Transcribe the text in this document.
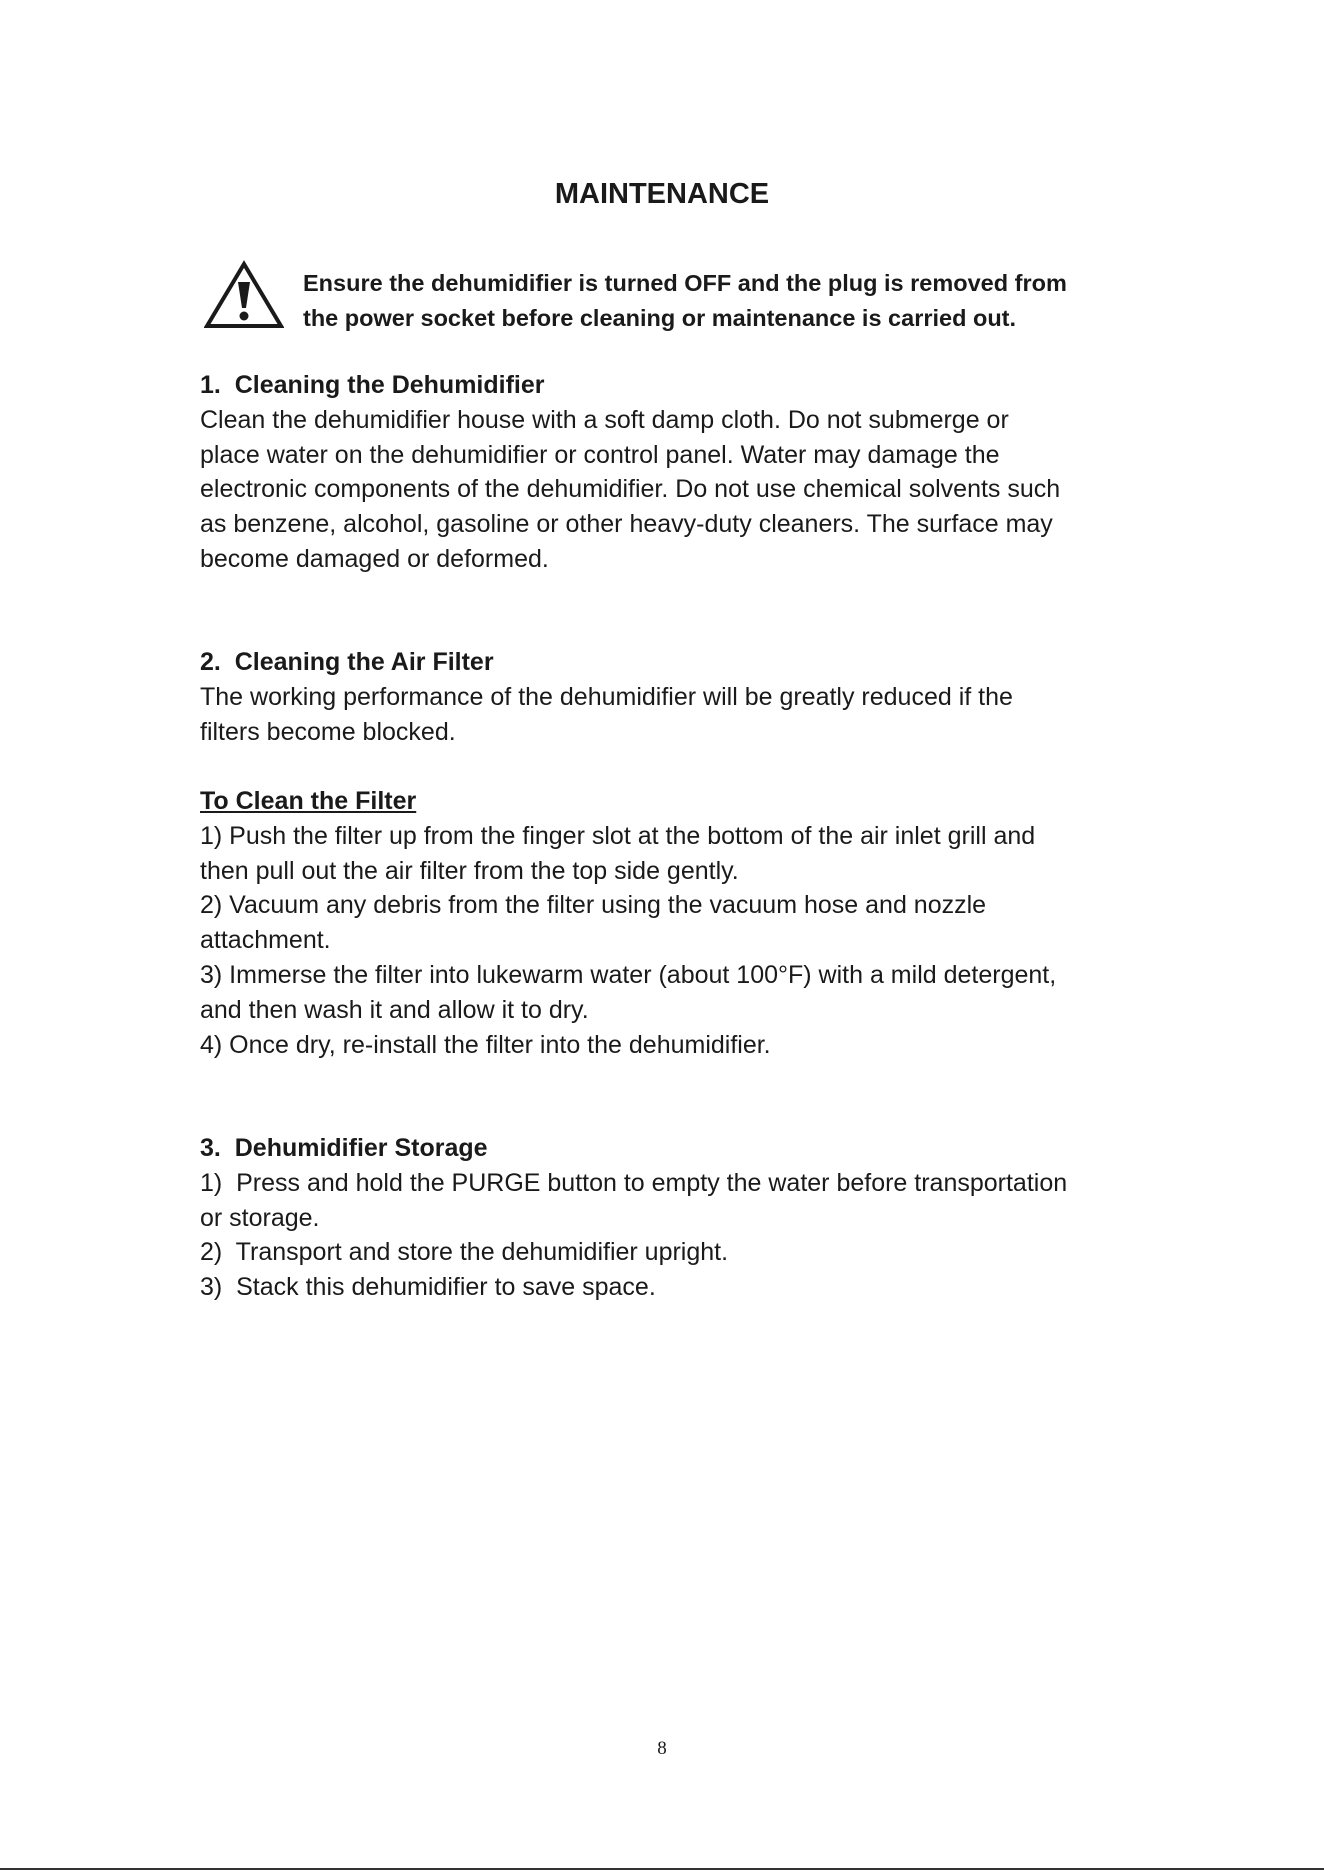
MAINTENANCE
Ensure the dehumidifier is turned OFF and the plug is removed from
the power socket before cleaning or maintenance is carried out.
1.  Cleaning the Dehumidifier
Clean the dehumidifier house with a soft damp cloth. Do not submerge or
place water on the dehumidifier or control panel. Water may damage the
electronic components of the dehumidifier. Do not use chemical solvents such
as benzene, alcohol, gasoline or other heavy-duty cleaners. The surface may
become damaged or deformed.
2.  Cleaning the Air Filter
The working performance of the dehumidifier will be greatly reduced if the
filters become blocked.
To Clean the Filter
1) Push the filter up from the finger slot at the bottom of the air inlet grill and
then pull out the air filter from the top side gently.
2) Vacuum any debris from the filter using the vacuum hose and nozzle
attachment.
3) Immerse the filter into lukewarm water (about 100°F) with a mild detergent,
and then wash it and allow it to dry.
4) Once dry, re-install the filter into the dehumidifier.
3.  Dehumidifier Storage
1)  Press and hold the PURGE button to empty the water before transportation
or storage.
2)  Transport and store the dehumidifier upright.
3)  Stack this dehumidifier to save space.
8
